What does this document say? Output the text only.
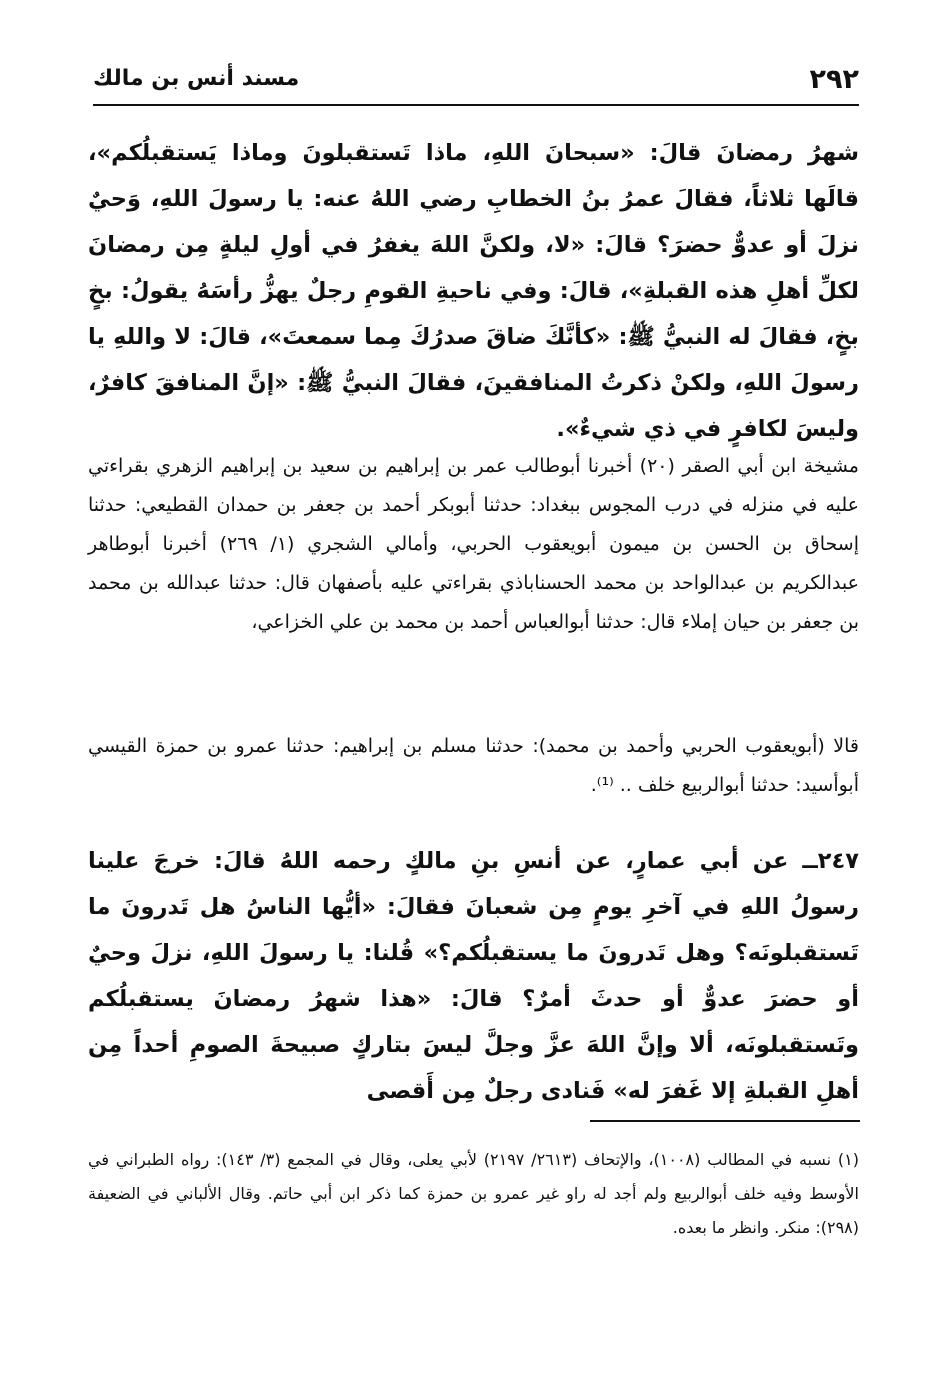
٢٩٢
مسند أنس بن مالك

شهرُ رمضانَ قالَ: «سبحانَ اللهِ، ماذا تَستقبلونَ وماذا يَستقبلُكم»، قالَها ثلاثاً، فقالَ عمرُ بنُ الخطابِ رضي اللهُ عنه: يا رسولَ اللهِ، وَحيٌ نزلَ أو عدوٌّ حضرَ؟ قالَ: «لا، ولكنَّ اللهَ يغفرُ في أولِ ليلةٍ مِن رمضانَ لكلِّ أهلِ هذه القبلةِ»، قالَ: وفي ناحيةِ القومِ رجلٌ يهزُّ رأسَهُ يقولُ: بخٍ بخٍ، فقالَ له النبيُّ ﷺ: «كأنَّكَ ضاقَ صدرُكَ مِما سمعتَ»، قالَ: لا واللهِ يا رسولَ اللهِ، ولكنْ ذكرتُ المنافقينَ، فقالَ النبيُّ ﷺ: «إنَّ المنافقَ كافرٌ، وليسَ لكافرٍ في ذي شيءٌ».

مشيخة ابن أبي الصقر (٢٠) أخبرنا أبوطالب عمر بن إبراهيم بن سعيد بن إبراهيم الزهري بقراءتي عليه في منزله في درب المجوس ببغداد: حدثنا أبوبكر أحمد بن جعفر بن حمدان القطيعي: حدثنا إسحاق بن الحسن بن ميمون أبويعقوب الحربي، وأمالي الشجري (١/ ٢٦٩) أخبرنا أبوطاهر عبدالكريم بن عبدالواحد بن محمد الحسناباذي بقراءتي عليه بأصفهان قال: حدثنا عبدالله بن محمد بن جعفر بن حيان إملاء قال: حدثنا أبوالعباس أحمد بن محمد بن علي الخزاعي،

قالا (أبويعقوب الحربي وأحمد بن محمد): حدثنا مسلم بن إبراهيم: حدثنا عمرو بن حمزة القيسي أبوأسيد: حدثنا أبوالربيع خلف .. ⁽¹⁾.

٢٤٧ــ عن أبي عمارٍ، عن أنسِ بنِ مالكٍ رحمه اللهُ قالَ: خرجَ علينا رسولُ اللهِ في آخرِ يومٍ مِن شعبانَ فقالَ: «أيُّها الناسُ هل تَدرونَ ما تَستقبلونَه؟ وهل تَدرونَ ما يستقبلُكم؟» قُلنا: يا رسولَ اللهِ، نزلَ وحيٌ أو حضرَ عدوٌّ أو حدثَ أمرٌ؟ قالَ: «هذا شهرُ رمضانَ يستقبلُكم وتَستقبلونَه، ألا وإنَّ اللهَ عزَّ وجلَّ ليسَ بتاركٍ صبيحةَ الصومِ أحداً مِن أهلِ القبلةِ إلا غَفرَ له» فَنادى رجلٌ مِن أَقصى

(١) نسبه في المطالب (١٠٠٨)، والإتحاف (٢٦١٣/ ٢١٩٧) لأبي يعلى، وقال في المجمع (٣/ ١٤٣): رواه الطبراني في الأوسط وفيه خلف أبوالربيع ولم أجد له راو غير عمرو بن حمزة كما ذكر ابن أبي حاتم. وقال الألباني في الضعيفة (٢٩٨): منكر. وانظر ما بعده.
